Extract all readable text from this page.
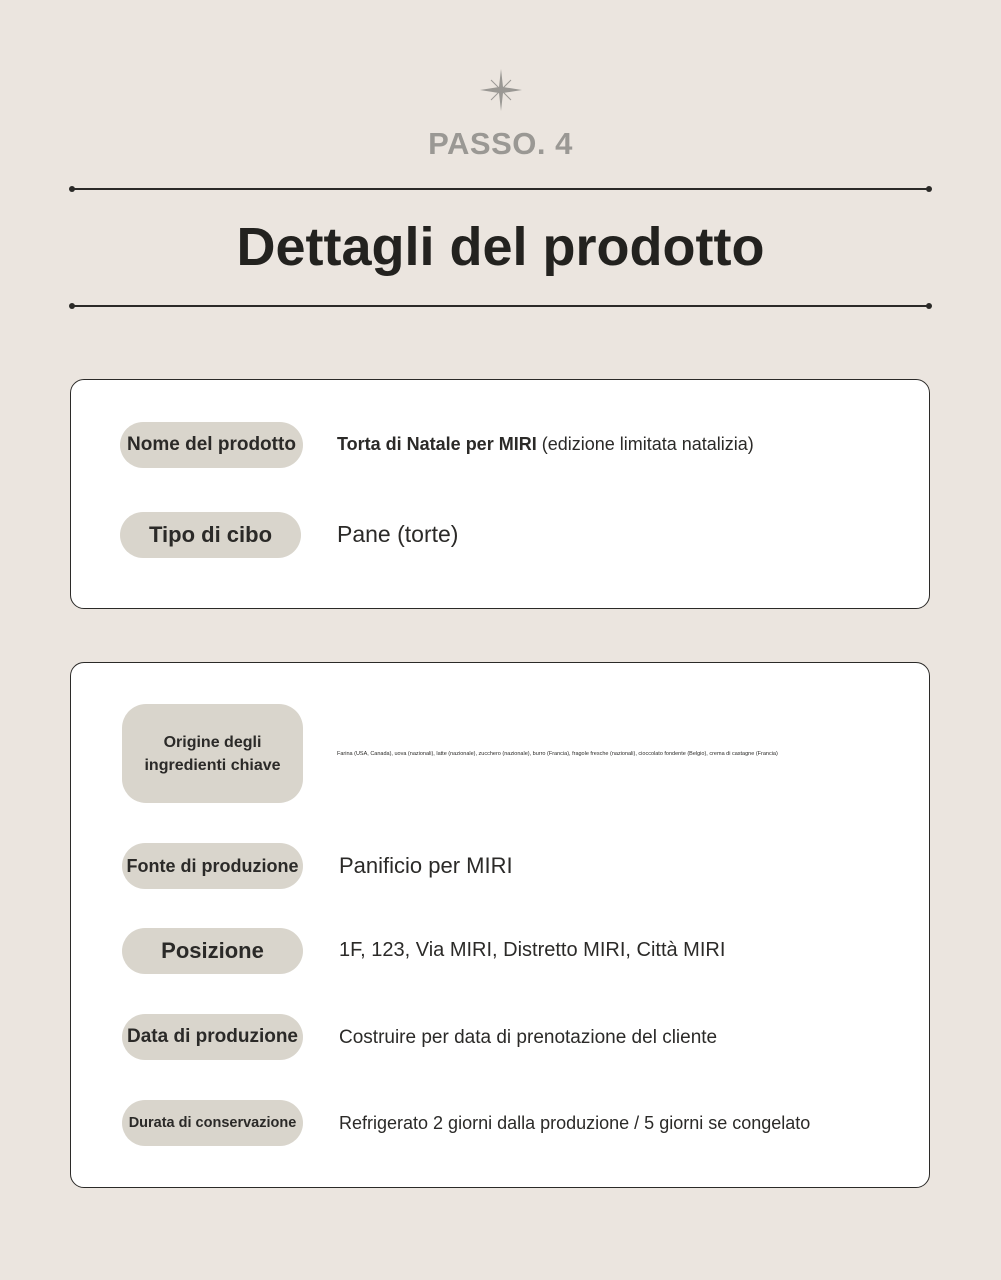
PASSO. 4
Dettagli del prodotto
Nome del prodotto Torta di Natale per MIRI (edizione limitata natalizia)
Tipo di cibo	Pane (torte)
Origine degli ingredienti chiave
Farina (USA, Canada), uova (nazionali), latte (nazionale), zucchero (nazionale), burro (Francia), fragole fresche (nazionali), cioccolato fondente (Belgio), crema di castagne (Francia)
Fonte di produzione Panificio per MIRI
Posizione	1F, 123, Via MIRI, Distretto MIRI, Città MIRI
Data di produzione Costruire per data di prenotazione del cliente
Durata di conservazione Refrigerato 2 giorni dalla produzione / 5 giorni se congelato
